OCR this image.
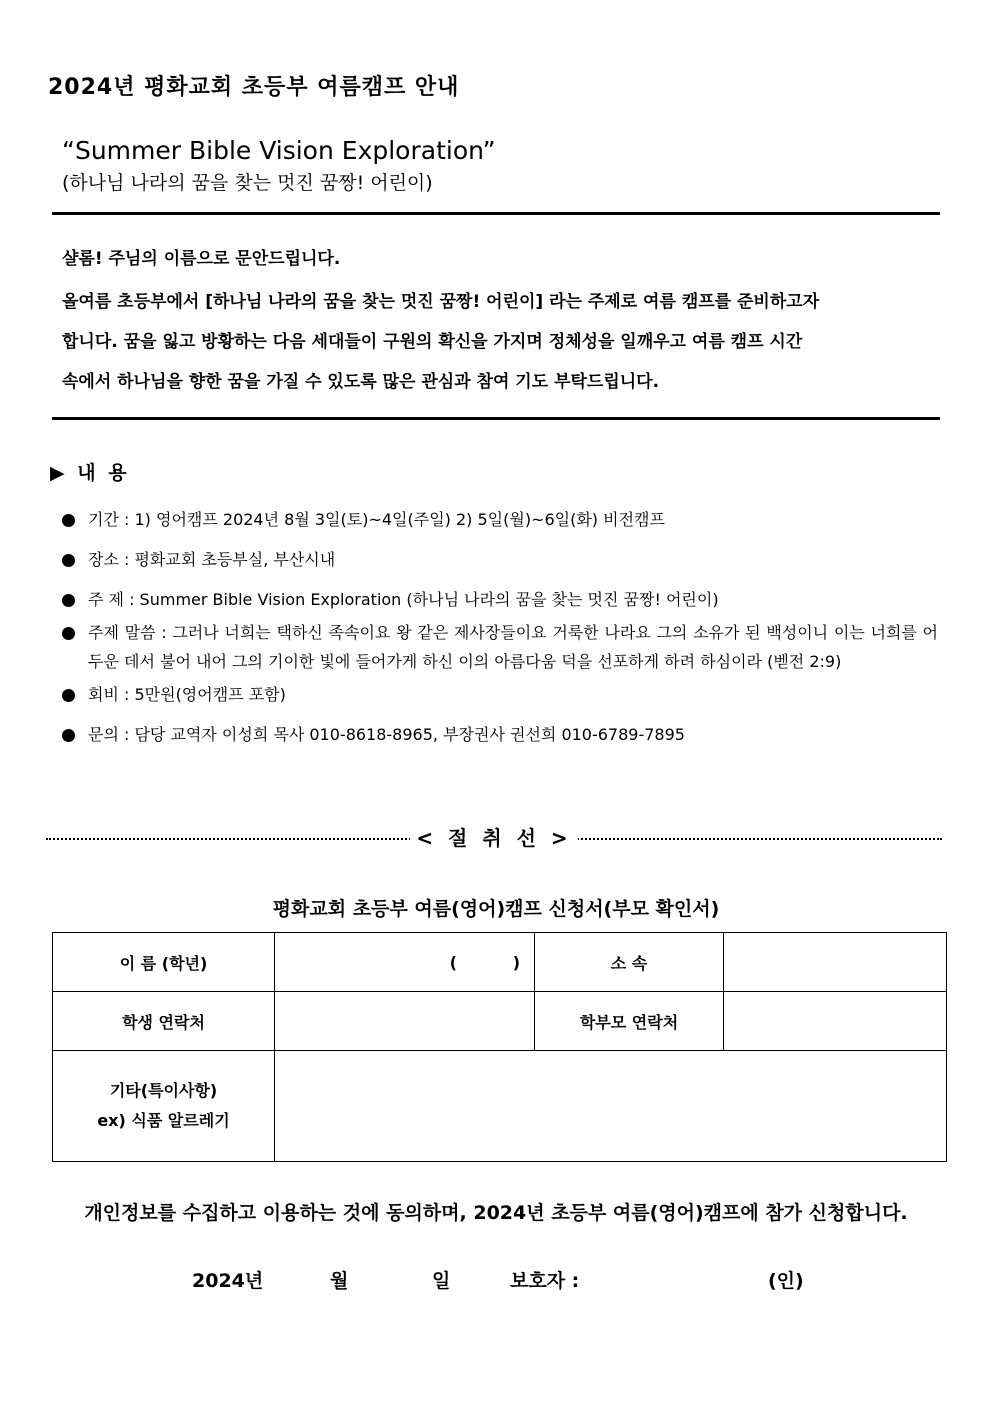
2024년 평화교회 초등부 여름캠프 안내
“Summer Bible Vision Exploration”
(하나님 나라의 꿈을 찾는 멋진 꿈짱! 어린이)
샬롬! 주님의 이름으로 문안드립니다.
올여름 초등부에서 [하나님 나라의 꿈을 찾는 멋진 꿈짱! 어린이] 라는 주제로 여름 캠프를 준비하고자
합니다. 꿈을 잃고 방황하는 다음 세대들이 구원의 확신을 가지며 정체성을 일깨우고 여름 캠프 시간
속에서 하나님을 향한 꿈을 가질 수 있도록 많은 관심과 참여 기도 부탁드립니다.
▶ 내 용
기간 : 1) 영어캠프 2024년 8월 3일(토)~4일(주일) 2) 5일(월)~6일(화) 비전캠프
장소 : 평화교회 초등부실, 부산시내
주 제 : Summer Bible Vision Exploration (하나님 나라의 꿈을 찾는 멋진 꿈짱! 어린이)
주제 말씀 : 그러나 너희는 택하신 족속이요 왕 같은 제사장들이요 거룩한 나라요 그의 소유가 된 백성이니 이는 너희를 어두운 데서 불어 내어 그의 기이한 빛에 들어가게 하신 이의 아름다움 덕을 선포하게 하려 하심이라 (벧전 2:9)
회비 : 5만원(영어캠프 포함)
문의 : 담당 교역자 이성희 목사 010-8618-8965, 부장권사 권선희 010-6789-7895
< 절 취 선 >
평화교회 초등부 여름(영어)캠프 신청서(부모 확인서)
이 름 (학년)	(          )	소 속	
학생 연락처		학부모 연락처	

기타(특이사항)
ex) 식품 알르레기			

개인정보를 수집하고 이용하는 것에 동의하며, 2024년 초등부 여름(영어)캠프에 참가 신청합니다.
2024년	월	일	보호자 :	(인)
